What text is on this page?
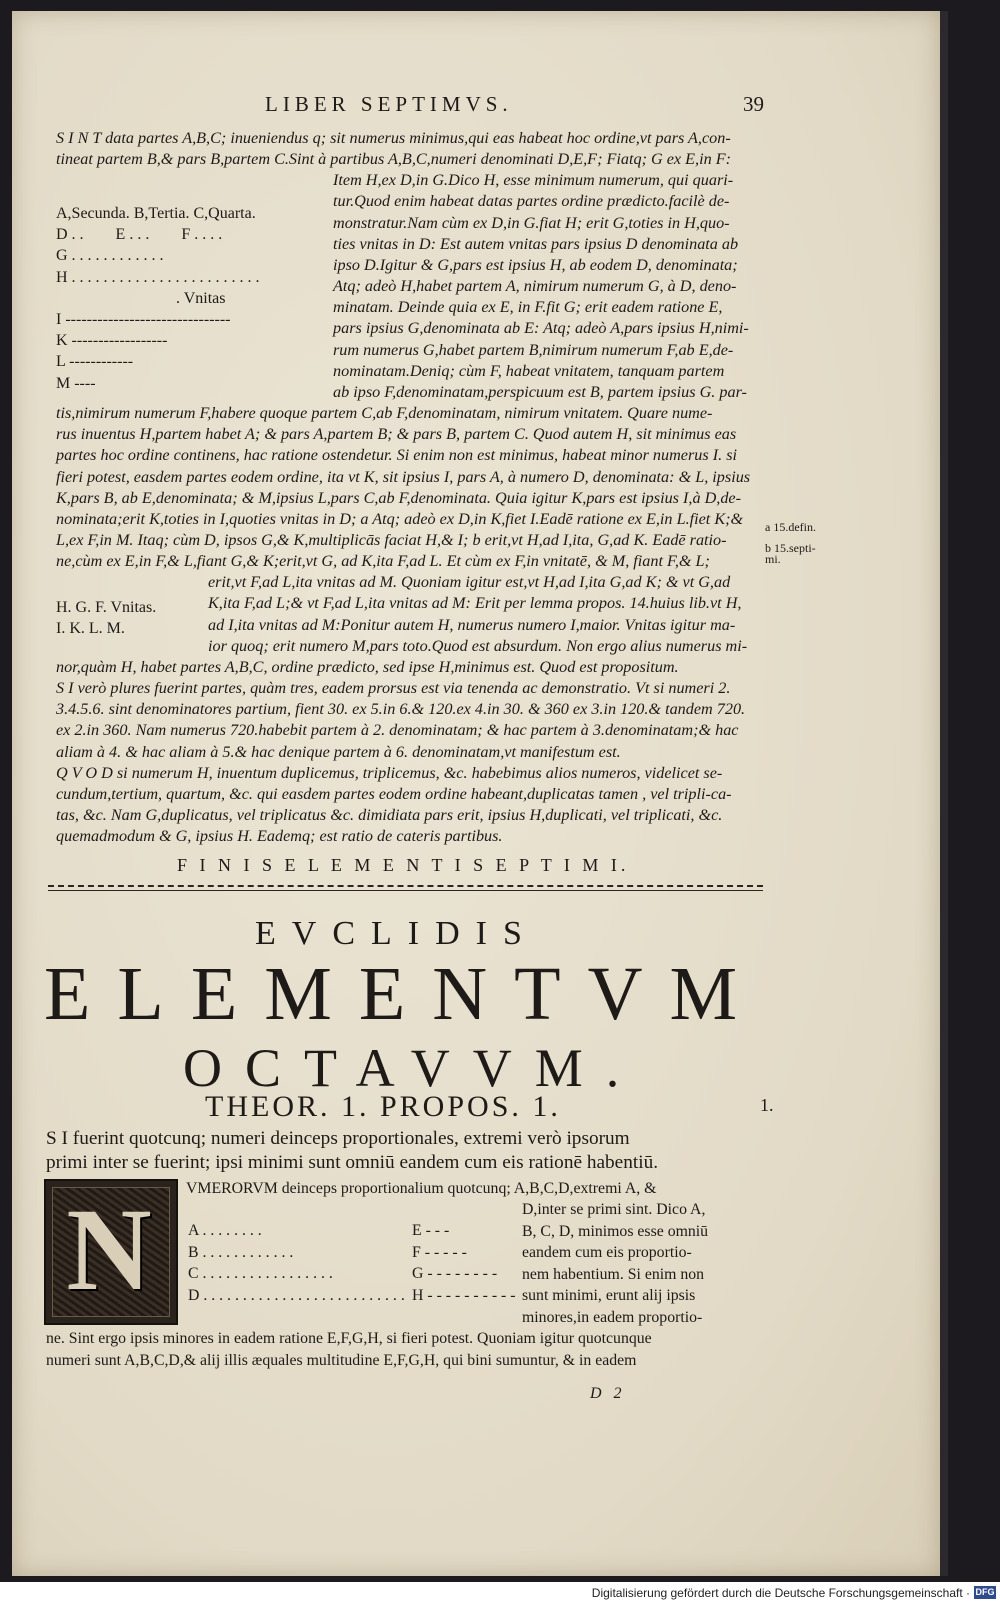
LIBER SEPTIMVS.	39

S I N T data partes A,B,C; inueniendus q; sit numerus minimus,qui eas habeat hoc ordine,vt pars A,con-

tineat partem B,& pars B,partem C.Sint à partibus A,B,C,numeri denominati D,E,F; Fiatq; G ex E,in F:

Item H,ex D,in G.Dico H, esse minimum numerum, qui quari-

tur.Quod enim habeat datas partes ordine prædicto.facilè de-

monstratur.Nam cùm ex D,in G.fiat H; erit G,toties in H,quo-

ties vnitas in D: Est autem vnitas pars ipsius D denominata ab

ipso D.Igitur & G,pars est ipsius H, ab eodem D, denominata;

Atq; adeò H,habet partem A, nimirum numerum G, à D, deno-

minatam. Deinde quia ex E, in F.fit G; erit eadem ratione E,

pars ipsius G,denominata ab E: Atq; adeò A,pars ipsius H,nimi-

rum numerus G,habet partem B,nimirum numerum F,ab E,de-

nominatam.Deniq; cùm F, habeat vnitatem, tanquam partem

ab ipso F,denominatam,perspicuum est B, partem ipsius G. par-

tis,nimirum numerum F,habere quoque partem C,ab F,denominatam, nimirum vnitatem. Quare nume-

rus inuentus H,partem habet A; & pars A,partem B; & pars B, partem C. Quod autem H, sit minimus eas

partes hoc ordine continens, hac ratione ostendetur. Si enim non est minimus, habeat minor numerus I. si

fieri potest, easdem partes eodem ordine, ita vt K, sit ipsius I, pars A, à numero D, denominata: & L, ipsius

K,pars B, ab E,denominata; & M,ipsius L,pars C,ab F,denominata. Quia igitur K,pars est ipsius I,à D,de-

nominata;erit K,toties in I,quoties vnitas in D; a Atq; adeò ex D,in K,fiet I.Eadē ratione ex E,in L.fiet K;&

L,ex F,in M. Itaq; cùm D, ipsos G,& K,multiplicās faciat H,& I; b erit,vt H,ad I,ita, G,ad K. Eadē ratio-

ne,cùm ex E,in F,& L,fiant G,& K;erit,vt G, ad K,ita F,ad L. Et cùm ex F,in vnitatē, & M, fiant F,& L;

erit,vt F,ad L,ita vnitas ad M. Quoniam igitur est,vt H,ad I,ita G,ad K; & vt G,ad

K,ita F,ad L;& vt F,ad L,ita vnitas ad M: Erit per lemma propos. 14.huius lib.vt H,

ad I,ita vnitas ad M:Ponitur autem H, numerus numero I,maior. Vnitas igitur ma-

ior quoq; erit numero M,pars toto.Quod est absurdum. Non ergo alius numerus mi-

nor,quàm H, habet partes A,B,C, ordine prædicto, sed ipse H,minimus est. Quod est propositum.

S I verò plures fuerint partes, quàm tres, eadem prorsus est via tenenda ac demonstratio. Vt si numeri 2.

3.4.5.6. sint denominatores partium, fient 30. ex 5.in 6.& 120.ex 4.in 30. & 360 ex 3.in 120.& tandem 720.

ex 2.in 360. Nam numerus 720.habebit partem à 2. denominatam; & hac partem à 3.denominatam;& hac

aliam à 4. & hac aliam à 5.& hac denique partem à 6. denominatam,vt manifestum est.

Q V O D si numerum H, inuentum duplicemus, triplicemus, &c. habebimus alios numeros, videlicet se-

cundum,tertium, quartum, &c. qui easdem partes eodem ordine habeant,duplicatas tamen , vel tripli-ca-

tas, &c. Nam G,duplicatus, vel triplicatus &c. dimidiata pars erit, ipsius H,duplicati, vel triplicati, &c.

quemadmodum & G, ipsius H. Eademq; est ratio de cateris partibus.

A,Secunda. B,Tertia. C,Quarta.
D . .        E . . .        F . . . .
G . . . . . . . . . . . .
H . . . . . . . . . . . . . . . . . . . . . . . .
. Vnitas
I -------------------------------
K ------------------
L ------------
M ----
H. G. F. Vnitas.
I. K. L. M.
a 15.defin.
b 15.septi-
mi.
F I N I S E L E M E N T I S E P T I M I.
EVCLIDIS
ELEMENTVM
OCTAVVM.
THEOR. 1. PROPOS. 1.	1.

S I fuerint quotcunq; numeri deinceps proportionales, extremi verò ipsorum

primi inter se fuerint; ipsi minimi sunt omniū eandem cum eis rationē habentiū.

N	VMERORVM deinceps proportionalium quotcunq; A,B,C,D,extremi A, &
D,inter se primi sint. Dico A,
B, C, D, minimos esse omniū
eandem cum eis proportio-
nem habentium. Si enim non
sunt minimi, erunt alij ipsis
minores,in eadem proportio-
A . . . . . . . .	E - - -
B . . . . . . . . . . . .	F - - - - -
C . . . . . . . . . . . . . . . . .	G - - - - - - - -
D . . . . . . . . . . . . . . . . . . . . . . . . . . H - - - - - - - - - -
ne. Sint ergo ipsis minores in eadem ratione E,F,G,H, si fieri potest. Quoniam igitur quotcunque
numeri sunt A,B,C,D,& alij illis æquales multitudine E,F,G,H, qui bini sumuntur, & in eadem
D 2
Digitalisierung gefördert durch die Deutsche Forschungsgemeinschaft · DFG
